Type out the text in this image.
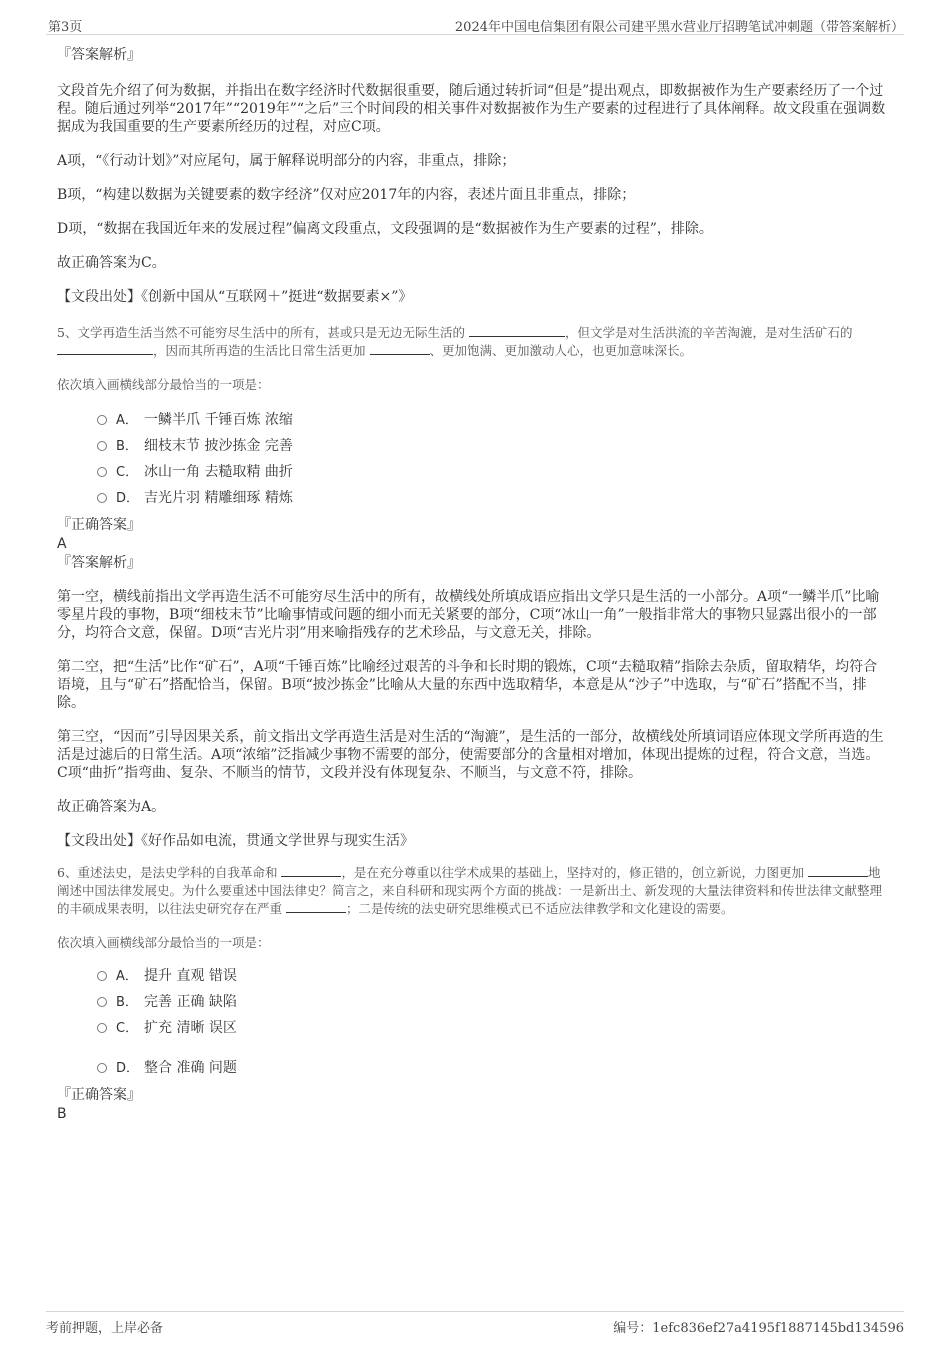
第3页	2024年中国电信集团有限公司建平黑水营业厅招聘笔试冲刺题（带答案解析）

『答案解析』

文段首先介绍了何为数据，并指出在数字经济时代数据很重要，随后通过转折词“但是”提出观点，即数据被作为生产要素经历了一个过程。随后通过列举“2017年”“2019年”“之后”三个时间段的相关事件对数据被作为生产要素的过程进行了具体阐释。故文段重在强调数据成为我国重要的生产要素所经历的过程，对应C项。

A项，“《行动计划》”对应尾句，属于解释说明部分的内容，非重点，排除；

B项，“构建以数据为关键要素的数字经济”仅对应2017年的内容，表述片面且非重点，排除；

D项，“数据在我国近年来的发展过程”偏离文段重点，文段强调的是“数据被作为生产要素的过程”，排除。

故正确答案为C。

【文段出处】《创新中国从“互联网＋”挺进“数据要素×”》

5、文学再造生活当然不可能穷尽生活中的所有，甚或只是无边无际生活的	，但文学是对生活洪流的辛苦淘漉，是对生活矿石的 ，因而其所再造的生活比日常生活更加	、更加饱满、更加激动人心，也更加意味深长。

依次填入画横线部分最恰当的一项是：

A． 一鳞半爪 千锤百炼 浓缩
B． 细枝末节 披沙拣金 完善
C． 冰山一角 去糙取精 曲折
D． 吉光片羽 精雕细琢 精炼

『正确答案』

A

『答案解析』

第一空，横线前指出文学再造生活不可能穷尽生活中的所有，故横线处所填成语应指出文学只是生活的一小部分。A项“一鳞半爪”比喻零星片段的事物，B项“细枝末节”比喻事情或问题的细小而无关紧要的部分，C项“冰山一角”一般指非常大的事物只显露出很小的一部分，均符合文意，保留。D项“吉光片羽”用来喻指残存的艺术珍品，与文意无关，排除。

第二空，把“生活”比作“矿石”，A项“千锤百炼”比喻经过艰苦的斗争和长时期的锻炼，C项“去糙取精”指除去杂质，留取精华，均符合语境，且与“矿石”搭配恰当，保留。B项“披沙拣金”比喻从大量的东西中选取精华，本意是从“沙子”中选取，与“矿石”搭配不当，排除。

第三空，“因而”引导因果关系，前文指出文学再造生活是对生活的“淘漉”，是生活的一部分，故横线处所填词语应体现文学所再造的生活是过滤后的日常生活。A项“浓缩”泛指减少事物不需要的部分，使需要部分的含量相对增加，体现出提炼的过程，符合文意，当选。C项“曲折”指弯曲、复杂、不顺当的情节，文段并没有体现复杂、不顺当，与文意不符，排除。

故正确答案为A。

【文段出处】《好作品如电流，贯通文学世界与现实生活》

6、重述法史，是法史学科的自我革命和	，是在充分尊重以往学术成果的基础上，坚持对的，修正错的，创立新说，力图更加	地阐述中国法律发展史。为什么要重述中国法律史？简言之，来自科研和现实两个方面的挑战：一是新出土、新发现的大量法律资料和传世法律文献整理的丰硕成果表明，以往法史研究存在严重	；二是传统的法史研究思维模式已不适应法律教学和文化建设的需要。

依次填入画横线部分最恰当的一项是：

A． 提升 直观 错误
B． 完善 正确 缺陷
C． 扩充 清晰 误区
D． 整合 准确 问题

『正确答案』

B

考前押题，上岸必备	编号：1efc836ef27a4195f1887145bd134596
